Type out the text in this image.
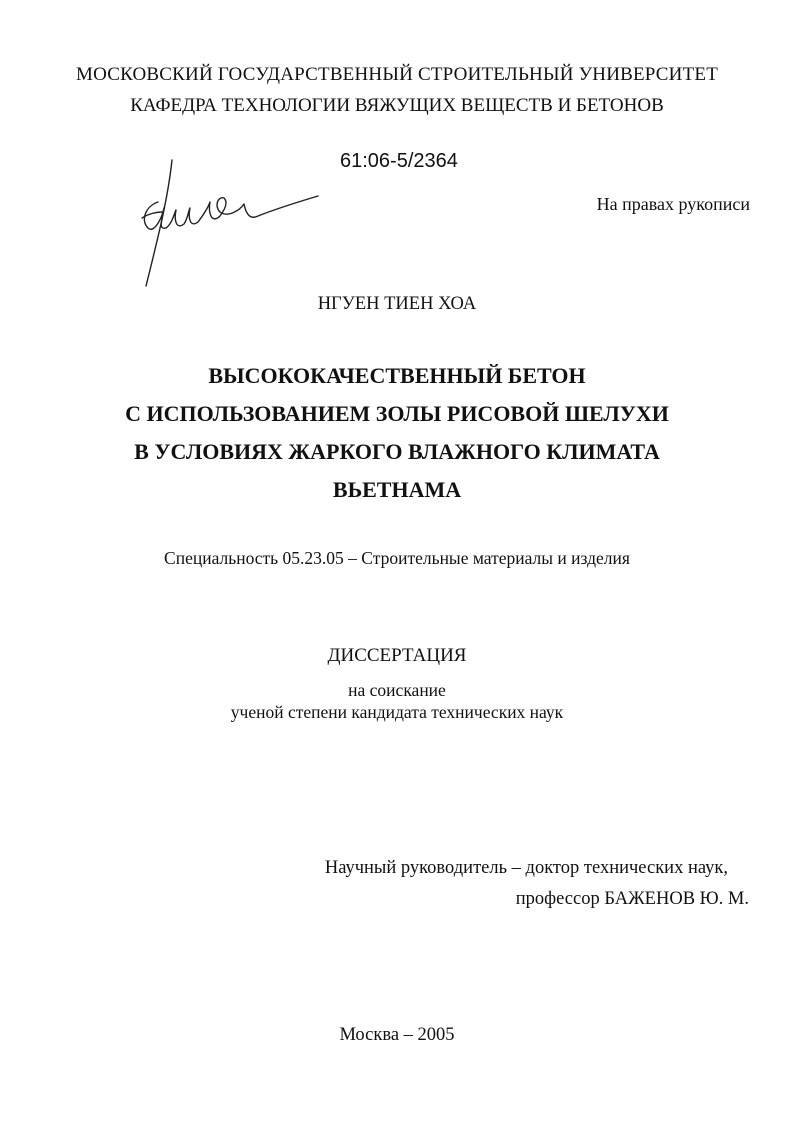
МОСКОВСКИЙ ГОСУДАРСТВЕННЫЙ СТРОИТЕЛЬНЫЙ УНИВЕРСИТЕТ
КАФЕДРА ТЕХНОЛОГИИ ВЯЖУЩИХ ВЕЩЕСТВ И БЕТОНОВ
61:06-5/2364
На правах рукописи
НГУЕН ТИЕН ХОА
ВЫСОКОКАЧЕСТВЕННЫЙ БЕТОН
С ИСПОЛЬЗОВАНИЕМ ЗОЛЫ РИСОВОЙ ШЕЛУХИ
В УСЛОВИЯХ ЖАРКОГО ВЛАЖНОГО КЛИМАТА
ВЬЕТНАМА
Специальность 05.23.05 – Строительные материалы и изделия
ДИССЕРТАЦИЯ
на соискание
ученой степени кандидата технических наук
Научный руководитель – доктор технических наук,
профессор БАЖЕНОВ Ю. М.
Москва – 2005
